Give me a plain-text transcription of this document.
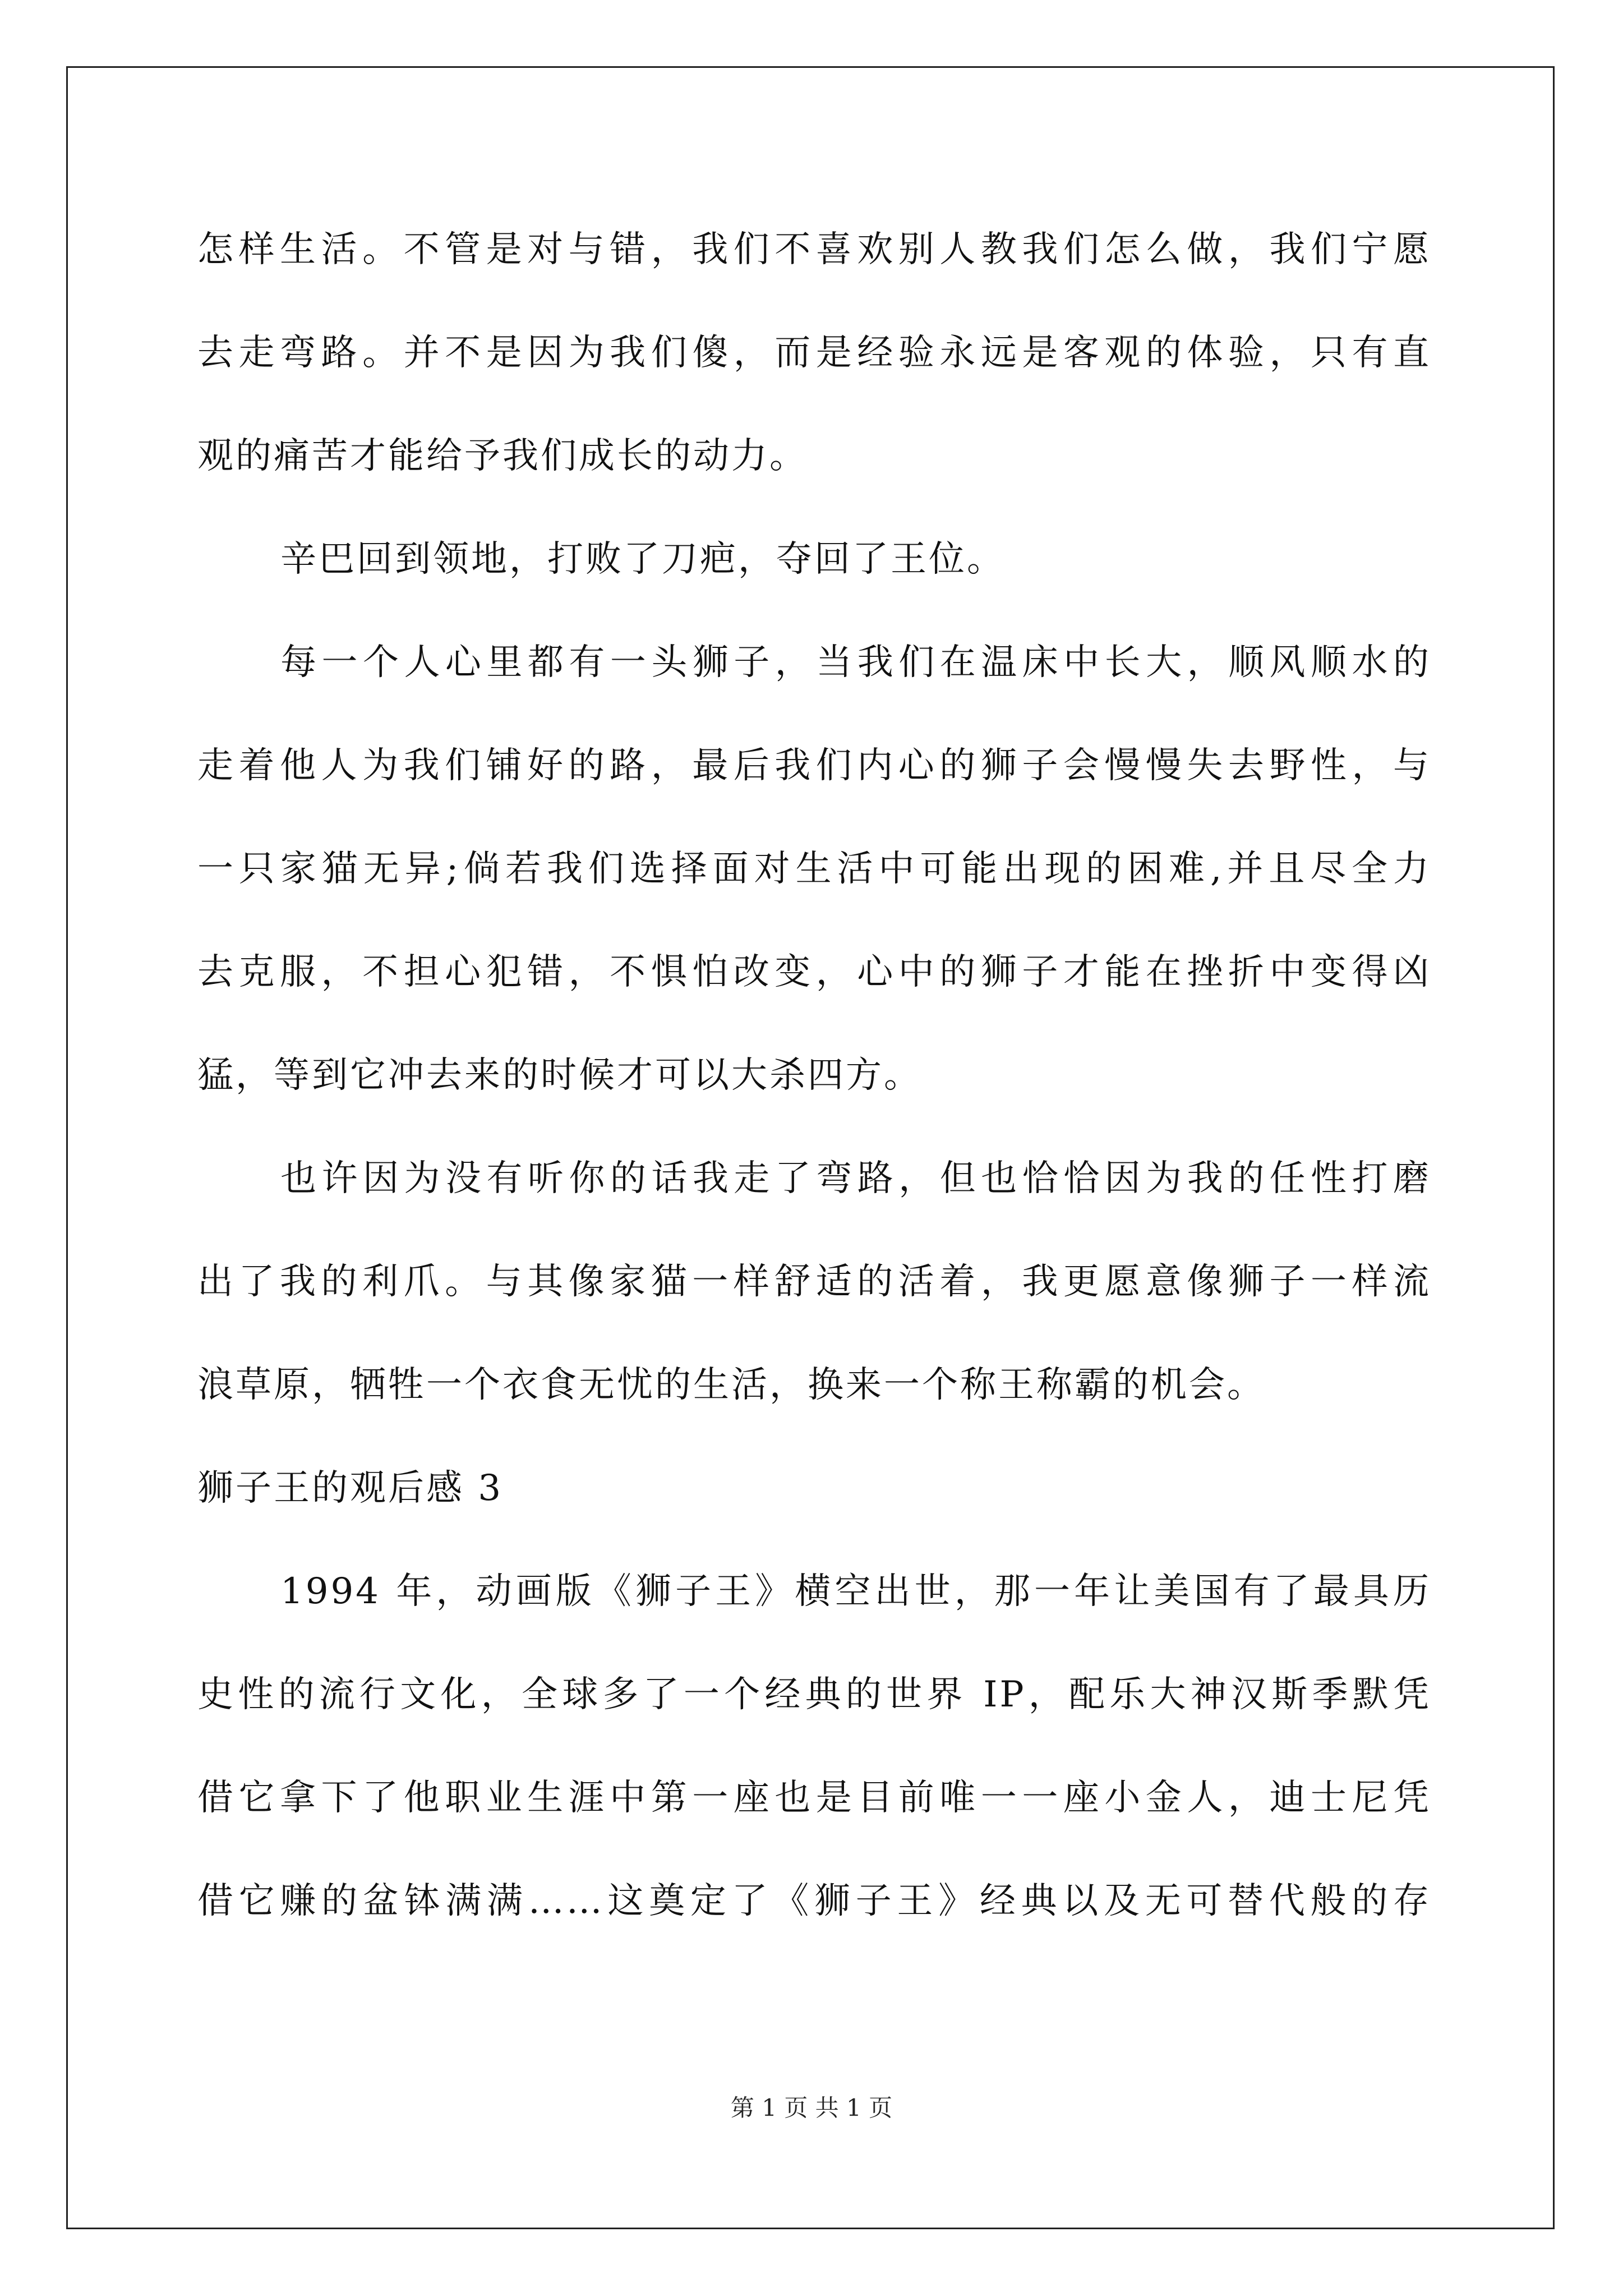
怎样生活。不管是对与错，我们不喜欢别人教我们怎么做，我们宁愿
去走弯路。并不是因为我们傻，而是经验永远是客观的体验，只有直
观的痛苦才能给予我们成长的动力。
辛巴回到领地，打败了刀疤，夺回了王位。
每一个人心里都有一头狮子，当我们在温床中长大，顺风顺水的
走着他人为我们铺好的路，最后我们内心的狮子会慢慢失去野性，与
一只家猫无异;倘若我们选择面对生活中可能出现的困难,并且尽全力
去克服，不担心犯错，不惧怕改变，心中的狮子才能在挫折中变得凶
猛，等到它冲去来的时候才可以大杀四方。
也许因为没有听你的话我走了弯路，但也恰恰因为我的任性打磨
出了我的利爪。与其像家猫一样舒适的活着，我更愿意像狮子一样流
浪草原，牺牲一个衣食无忧的生活，换来一个称王称霸的机会。
狮子王的观后感 3
1994 年，动画版《狮子王》横空出世，那一年让美国有了最具历
史性的流行文化，全球多了一个经典的世界 IP，配乐大神汉斯季默凭
借它拿下了他职业生涯中第一座也是目前唯一一座小金人，迪士尼凭
借它赚的盆钵满满……这奠定了《狮子王》经典以及无可替代般的存
第 1 页 共 1 页
